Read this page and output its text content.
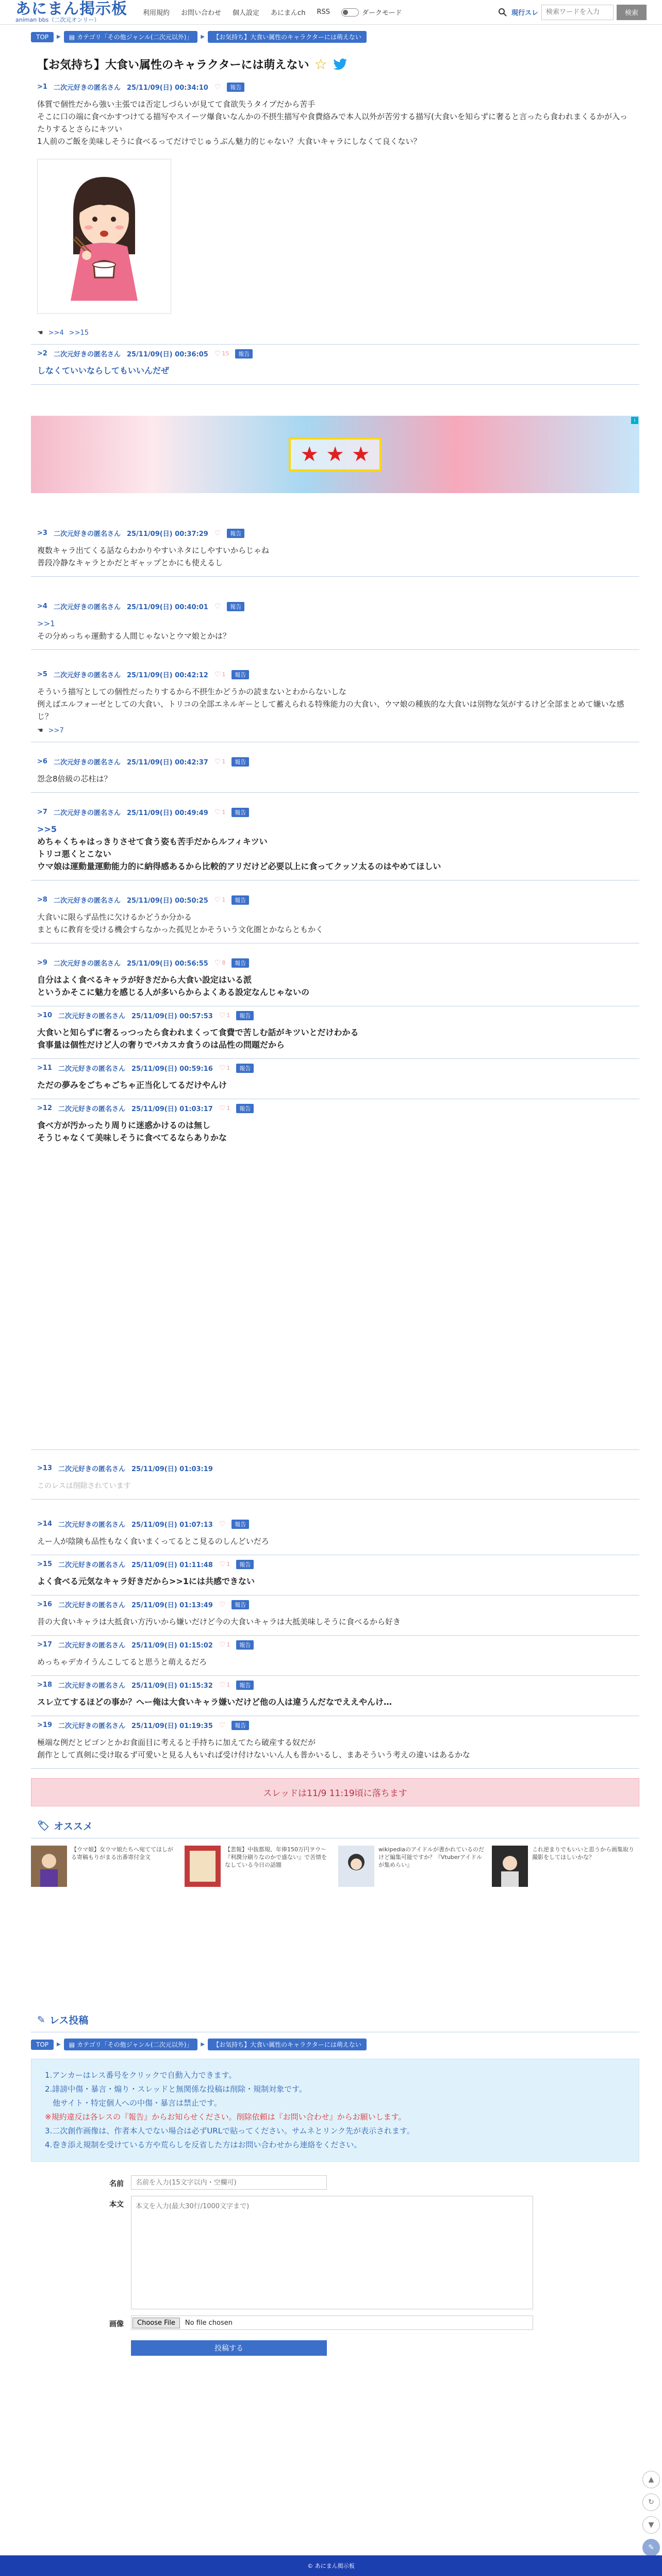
あにまん掲示板
animan bbs（二次元オンリー）
利用規約 お問い合わせ 個人設定 あにまんch RSS	ダークモード	現行スレ
検索ワードを入力	検索
TOP	▶ ▤ カテゴリ「その他ジャンル(二次元以外)」 ▶	【お気持ち】大食い属性のキャラクターには萌えない
【お気持ち】大食い属性のキャラクターには萌えない ☆
>1 二次元好きの匿名さん 25/11/09(日) 00:34:10 ♡	報告
体質で個性だから強い主張では否定しづらいが見てて食欲失うタイプだから苦手
そこに口の端に食べかすつけてる描写やスイーツ爆食いなんかの不摂生描写や食費絡みで本人以外が苦労する描写(大食いを知らずに奢ると言ったら食われまくるかが入ったりするとさらにキツい
1人前のご飯を美味しそうに食べるってだけでじゅうぶん魅力的じゃない？大食いキャラにしなくて良くない？
☚ >>4 >>15
>2 二次元好きの匿名さん 25/11/09(日) 00:36:05 ♡ 15	報告
しなくていいならしてもいいんだぜ
★ ★ ★
i
>3 二次元好きの匿名さん 25/11/09(日) 00:37:29 ♡	報告
複数キャラ出てくる話ならわかりやすいネタにしやすいからじゃね
普段冷静なキャラとかだとギャップとかにも使えるし
>4 二次元好きの匿名さん 25/11/09(日) 00:40:01 ♡	報告
>>1
その分めっちゃ運動する人間じゃないとウマ娘とかは？
>5 二次元好きの匿名さん 25/11/09(日) 00:42:12 ♡ 1	報告
そういう描写としての個性だったりするから不摂生かどうかの読まないとわからないしな
例えばエルフォーゼとしての大食い、トリコの全部エネルギーとして蓄えられる特殊能力の大食い、ウマ娘の種族的な大食いは別物な気がするけど全部まとめて嫌いな感じ？
☚ >>7
>6 二次元好きの匿名さん 25/11/09(日) 00:42:37 ♡ 1	報告
怨念8倍級の芯柱は？
>7 二次元好きの匿名さん 25/11/09(日) 00:49:49 ♡ 1	報告
>>5
めちゃくちゃはっきりさせて食う姿も苦手だからルフィキツい
トリコ悪くとこない
ウマ娘は運動量運動能力的に納得感あるから比較的アリだけど必要以上に食ってクッソ太るのはやめてほしい
>8 二次元好きの匿名さん 25/11/09(日) 00:50:25 ♡ 1	報告
大食いに限らず品性に欠けるかどうか分かる
まともに教育を受ける機会すらなかった孤児とかそういう文化圏とかならともかく
>9 二次元好きの匿名さん 25/11/09(日) 00:56:55 ♡ 8	報告
自分はよく食べるキャラが好きだから大食い設定はいる派
というかそこに魅力を感じる人が多いらからよくある設定なんじゃないの
>10 二次元好きの匿名さん 25/11/09(日) 00:57:53 ♡ 1	報告
大食いと知らずに奢るっつったら食われまくって食費で苦しむ話がキツいとだけわかる
食事量は個性だけど人の奢りでバカスカ食うのは品性の問題だから
>11 二次元好きの匿名さん 25/11/09(日) 00:59:16 ♡ 1	報告
ただの夢みをごちゃごちゃ正当化してるだけやんけ
>12 二次元好きの匿名さん 25/11/09(日) 01:03:17 ♡ 1	報告
食べ方が汚かったり周りに迷惑かけるのは無し
そうじゃなくて美味しそうに食べてるならありかな
>13 二次元好きの匿名さん 25/11/09(日) 01:03:19
このレスは削除されています
>14 二次元好きの匿名さん 25/11/09(日) 01:07:13 ♡	報告
えー人が陰険も品性もなく食いまくってるとこ見るのしんどいだろ
>15 二次元好きの匿名さん 25/11/09(日) 01:11:48 ♡ 1	報告
よく食べる元気なキャラ好きだから>>1には共感できない
>16 二次元好きの匿名さん 25/11/09(日) 01:13:49 ♡	報告
昔の大食いキャラは大抵食い方汚いから嫌いだけど今の大食いキャラは大抵美味しそうに食べるから好き
>17 二次元好きの匿名さん 25/11/09(日) 01:15:02 ♡ 1	報告
めっちゃデカイうんこしてると思うと萌えるだろ
>18 二次元好きの匿名さん 25/11/09(日) 01:15:32 ♡ 1	報告
スレ立てするほどの事か？へー俺は大食いキャラ嫌いだけど他の人は違うんだなでええやんけ…
>19 二次元好きの匿名さん 25/11/09(日) 01:19:35 ♡	報告
極端な例だとピゴンとかお食面目に考えると手持ちに加えてたら破産する奴だが
創作として真剣に受け取るず可愛いと見る人もいれば受け付けないいん人も普かいるし、まあそういう考えの違いはあるかな
スレッドは11/9 11:19頃に落ちます
🏷 オススメ
【ウマ娘】女ウマ娘たちへ宛ててほしがる寄稿もりがまる出番寄付金文
【悲報】中抜都規、年俸150万円ヲウ～『利潤分刷りなのかで盛ない』で苦情をなしている今日の話題
wikipediaのアイドルが書かれているのだけど編集可能ですか？『Vtuberアイドルが集めらい』
これ逆まりでもいいと思うから画集取り撮影をしてほしいかな？
✎ レス投稿
TOP	▶ ▤ カテゴリ「その他ジャンル(二次元以外)」 ▶	【お気持ち】大食い属性のキャラクターには萌えない
1.アンカーはレス番号をクリックで自動入力できます。
2.誹謗中傷・暴言・煽り・スレッドと無関係な投稿は削除・規制対象です。
　他サイト・特定個人への中傷・暴言は禁止です。
※規約違反は各レスの『報告』からお知らせください。削除依頼は『お問い合わせ』からお願いします。
3.二次創作画像は、作者本人でない場合は必ずURLで貼ってください。サムネとリンク先が表示されます。
4.巻き添え規制を受けている方や荒らしを反省した方はお問い合わせから連絡をください。
名前
名前を入力(15文字以内・空欄可)
本文
本文を入力(最大30行/1000文字まで)
画像	Choose File	No file chosen
投稿する
▲
↻
▼
✎
© あにまん掲示板
